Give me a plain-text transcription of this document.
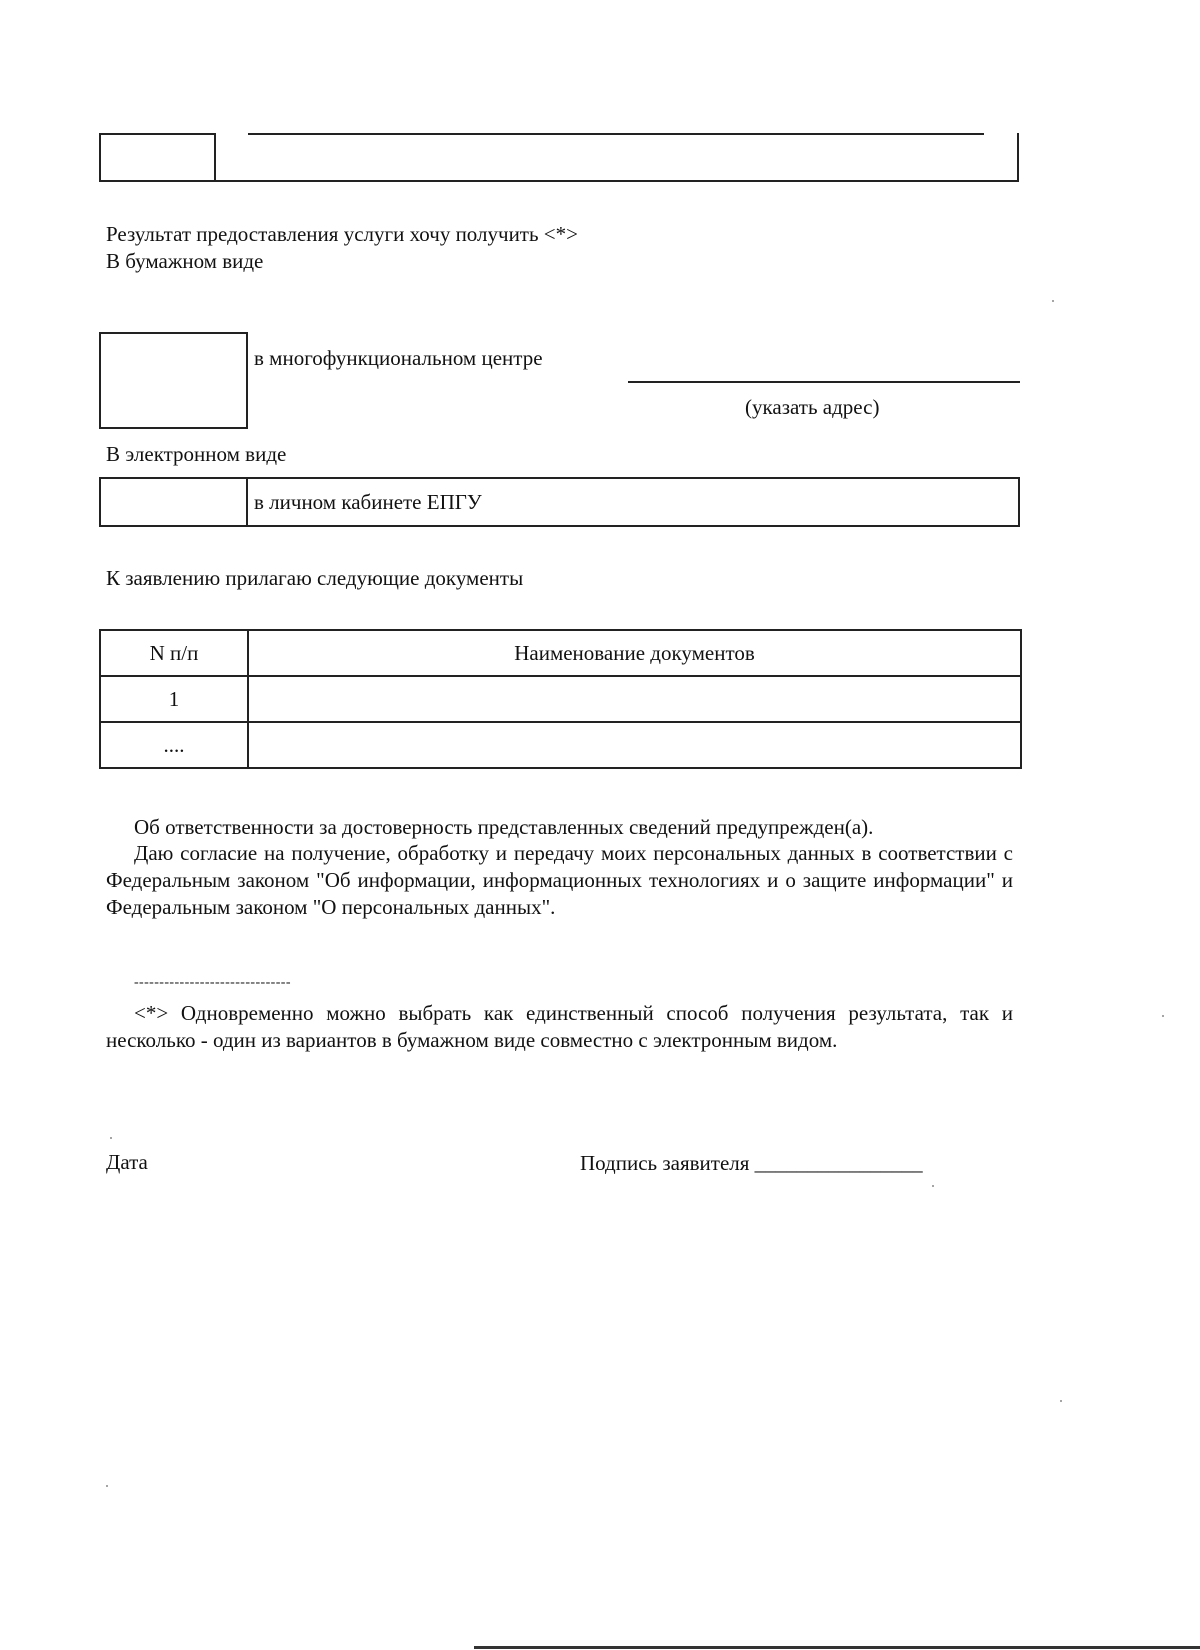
Результат предоставления услуги хочу получить <*>
В бумажном виде
в многофункциональном центре
(указать адрес)
В электронном виде
в личном кабинете ЕПГУ
К заявлению прилагаю следующие документы
N п/п	Наименование документов
1	
....	
Об ответственности за достоверность представленных сведений предупрежден(а).
Даю согласие на получение, обработку и передачу моих персональных данных в соответствии с Федеральным законом "Об информации, информационных технологиях и о защите информации" и Федеральным законом "О персональных данных".
-------------------------------
<*> Одновременно можно выбрать как единственный способ получения результата, так и несколько - один из вариантов в бумажном виде совместно с электронным видом.
Дата	Подпись заявителя ________________
